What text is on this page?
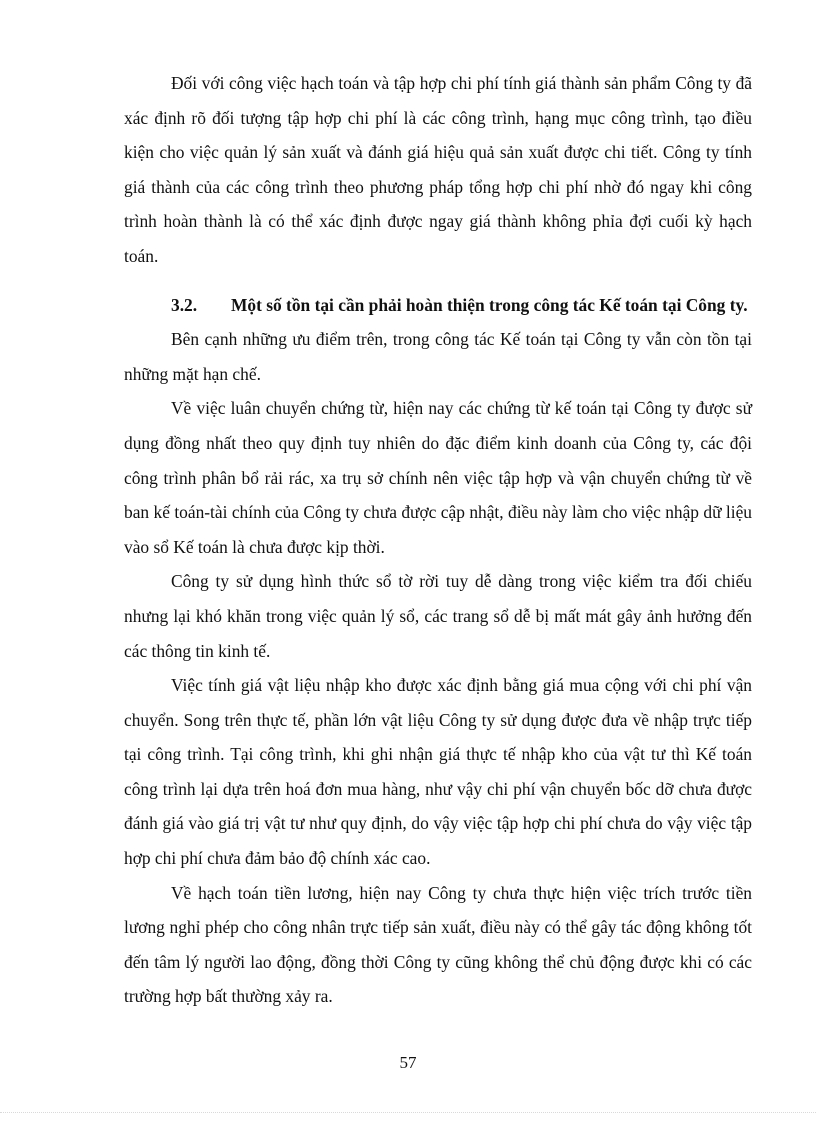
Đối với công việc hạch toán và tập hợp chi phí tính giá thành sản phẩm Công ty đã xác định rõ đối tượng tập hợp chi phí là các công trình, hạng mục công trình, tạo điều kiện cho việc quản lý sản xuất và đánh giá hiệu quả sản xuất được chi tiết. Công ty tính giá thành của các công trình theo phương pháp tổng hợp chi phí nhờ đó ngay khi công trình hoàn thành là có thể xác định được ngay giá thành không phỉa đợi cuối kỳ hạch toán.

3.2. Một số tồn tại cần phải hoàn thiện trong công tác Kế toán tại Công ty.

Bên cạnh những ưu điểm trên, trong công tác Kế toán tại Công ty vẫn còn tồn tại những mặt hạn chế.

Về việc luân chuyển chứng từ, hiện nay các chứng từ kế toán tại Công ty được sử dụng đồng nhất theo quy định tuy nhiên do đặc điểm kinh doanh của Công ty, các đội công trình phân bổ rải rác, xa trụ sở chính nên việc tập hợp và vận chuyển chứng từ về ban kế toán-tài chính của Công ty chưa được cập nhật, điều này làm cho việc nhập dữ liệu vào sổ Kế toán là chưa được kịp thời.

Công ty sử dụng hình thức sổ tờ rời tuy dễ dàng trong việc kiểm tra đối chiếu nhưng lại khó khăn trong việc quản lý sổ, các trang sổ dễ bị mất mát gây ảnh hưởng đến các thông tin kinh tế.

Việc tính giá vật liệu nhập kho được xác định bằng giá mua cộng với chi phí vận chuyển. Song trên thực tế, phần lớn vật liệu Công ty sử dụng được đưa về nhập trực tiếp tại công trình. Tại công trình, khi ghi nhận giá thực tế nhập kho của vật tư thì Kế toán công trình lại dựa trên hoá đơn mua hàng, như vậy chi phí vận chuyển bốc dỡ chưa được đánh giá vào giá trị vật tư như quy định, do vậy việc tập hợp chi phí chưa do vậy việc tập hợp chi phí chưa đảm bảo độ chính xác cao.

Về hạch toán tiền lương, hiện nay Công ty chưa thực hiện việc trích trước tiền lương nghỉ phép cho công nhân trực tiếp sản xuất, điều này có thể gây tác động không tốt đến tâm lý người lao động, đồng thời Công ty cũng không thể chủ động được khi có các trường hợp bất thường xảy ra.

57
